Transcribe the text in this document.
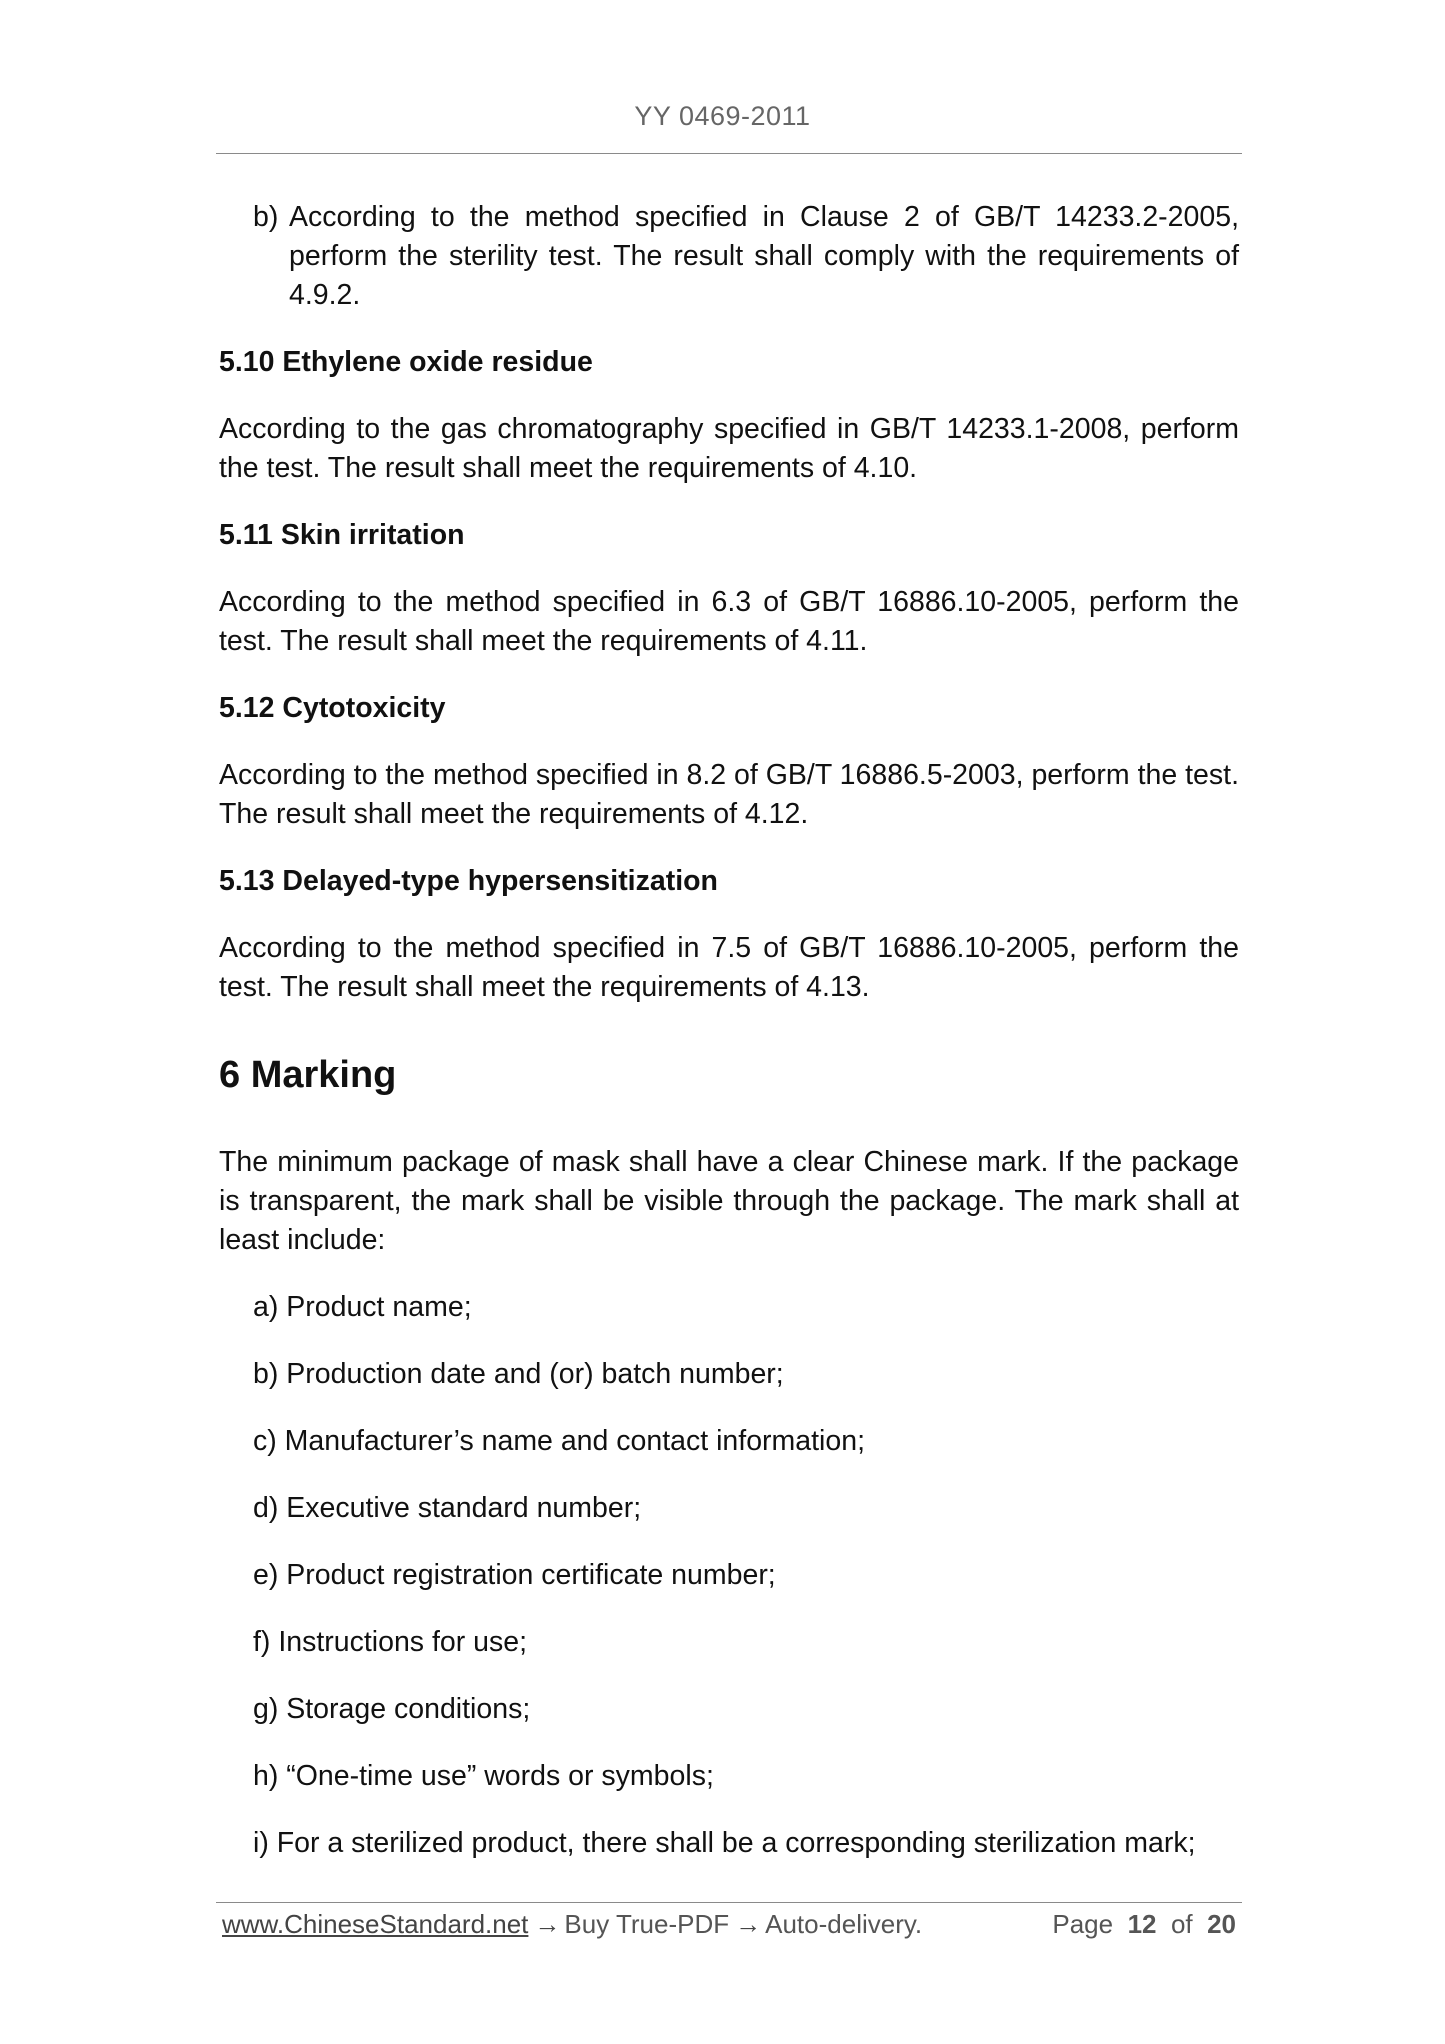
YY 0469-2011
b) According to the method specified in Clause 2 of GB/T 14233.2-2005, perform the sterility test. The result shall comply with the requirements of 4.9.2.
5.10 Ethylene oxide residue

According to the gas chromatography specified in GB/T 14233.1-2008, perform the test. The result shall meet the requirements of 4.10.

5.11 Skin irritation

According to the method specified in 6.3 of GB/T 16886.10-2005, perform the test. The result shall meet the requirements of 4.11.

5.12 Cytotoxicity

According to the method specified in 8.2 of GB/T 16886.5-2003, perform the test. The result shall meet the requirements of 4.12.

5.13 Delayed-type hypersensitization

According to the method specified in 7.5 of GB/T 16886.10-2005, perform the test. The result shall meet the requirements of 4.13.

6 Marking

The minimum package of mask shall have a clear Chinese mark. If the package is transparent, the mark shall be visible through the package. The mark shall at least include:

a) Product name;
b) Production date and (or) batch number;
c) Manufacturer’s name and contact information;
d) Executive standard number;
e) Product registration certificate number;
f) Instructions for use;
g) Storage conditions;
h) “One-time use” words or symbols;
i) For a sterilized product, there shall be a corresponding sterilization mark;
www.ChineseStandard.net → Buy True-PDF → Auto-delivery.	Page 12 of 20
